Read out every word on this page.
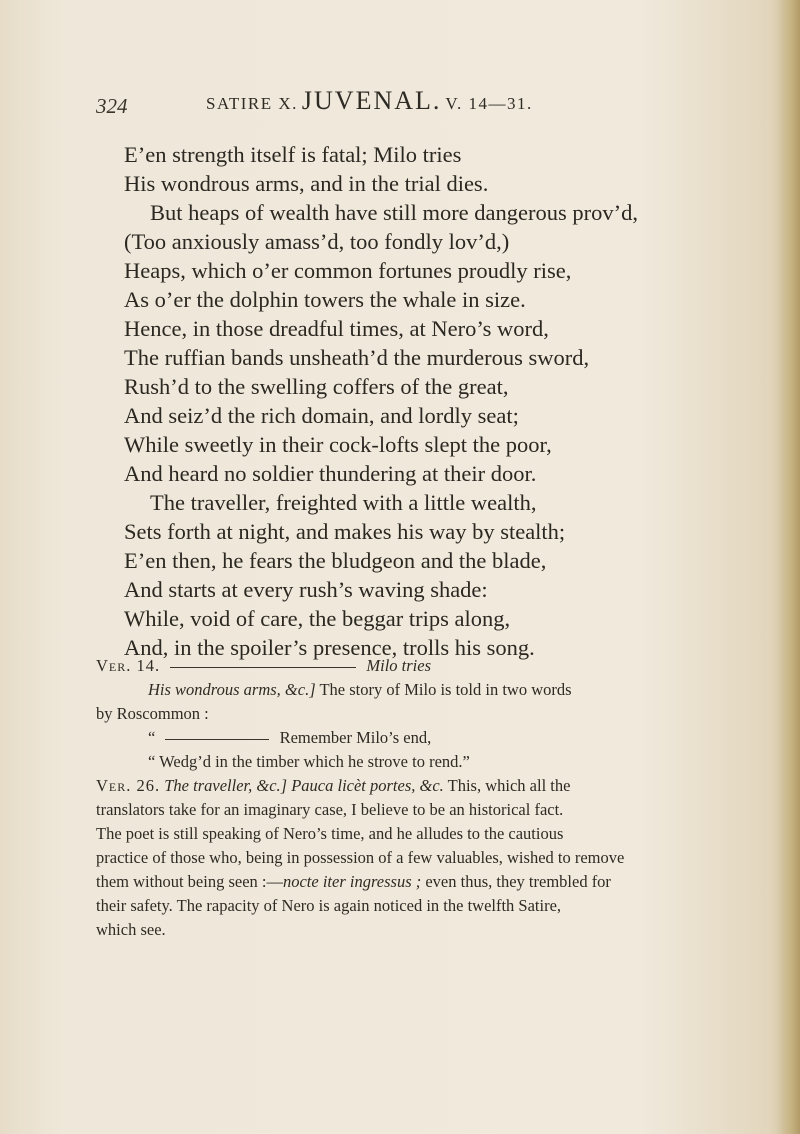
324	SATIRE X. JUVENAL. V. 14—31.
E’en strength itself is fatal; Milo tries
His wondrous arms, and in the trial dies.
But heaps of wealth have still more dangerous prov’d,
(Too anxiously amass’d, too fondly lov’d,)
Heaps, which o’er common fortunes proudly rise,
As o’er the dolphin towers the whale in size.
Hence, in those dreadful times, at Nero’s word,
The ruffian bands unsheath’d the murderous sword,
Rush’d to the swelling coffers of the great,
And seiz’d the rich domain, and lordly seat;
While sweetly in their cock-lofts slept the poor,
And heard no soldier thundering at their door.
The traveller, freighted with a little wealth,
Sets forth at night, and makes his way by stealth;
E’en then, he fears the bludgeon and the blade,
And starts at every rush’s waving shade:
While, void of care, the beggar trips along,
And, in the spoiler’s presence, trolls his song.
Ver. 14.	Milo tries
His wondrous arms, &c.] The story of Milo is told in two words
by Roscommon :
“	Remember Milo’s end,
“ Wedg’d in the timber which he strove to rend.”
Ver. 26. The traveller, &c.] Pauca licèt portes, &c. This, which all the
translators take for an imaginary case, I believe to be an historical fact.
The poet is still speaking of Nero’s time, and he alludes to the cautious
practice of those who, being in possession of a few valuables, wished to remove
them without being seen :—nocte iter ingressus ; even thus, they trembled for
their safety. The rapacity of Nero is again noticed in the twelfth Satire,
which see.
